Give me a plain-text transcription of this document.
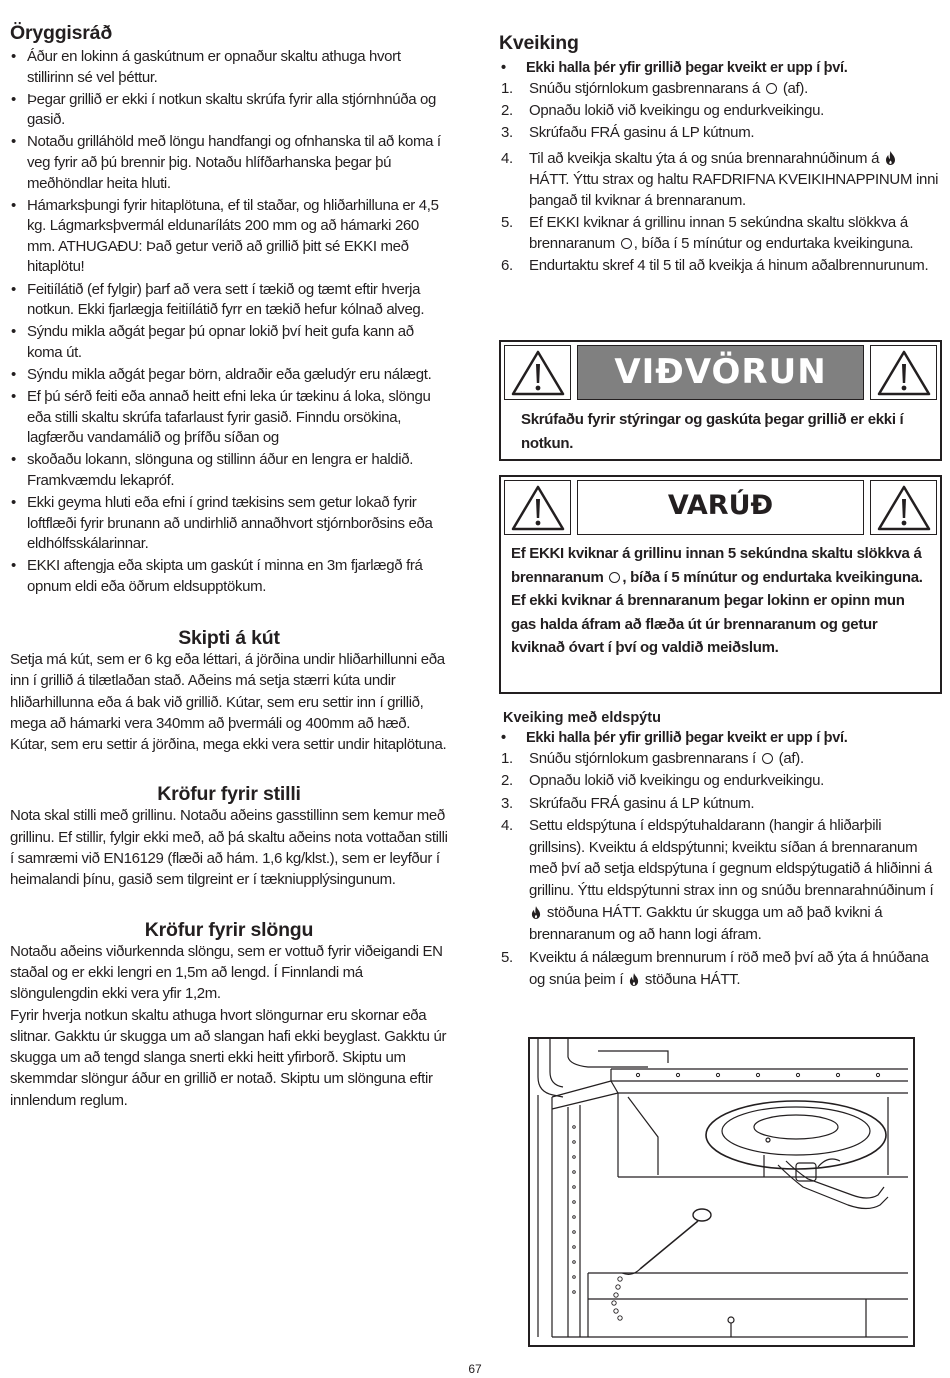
Öryggisráð
• Áður en lokinn á gaskútnum er opnaður skaltu athuga hvort stillirinn sé vel þéttur.
• Þegar grillið er ekki í notkun skaltu skrúfa fyrir alla stjórnhnúða og gasið.
• Notaðu grilláhöld með löngu handfangi og ofnhanska til að koma í veg fyrir að þú brennir þig. Notaðu hlífðarhanska þegar þú meðhöndlar heita hluti.
• Hámarksþungi fyrir hitaplötuna, ef til staðar, og hliðarhilluna er 4,5 kg. Lágmarksþvermál eldunaríláts 200 mm og að hámarki 260 mm. ATHUGAÐU: Það getur verið að grillið þitt sé EKKI með hitaplötu!
• Feitiílátið (ef fylgir) þarf að vera sett í tækið og tæmt eftir hverja notkun. Ekki fjarlægja feitiílátið fyrr en tækið hefur kólnað alveg.
• Sýndu mikla aðgát þegar þú opnar lokið því heit gufa kann að koma út.
• Sýndu mikla aðgát þegar börn, aldraðir eða gæludýr eru nálægt.
• Ef þú sérð feiti eða annað heitt efni leka úr tækinu á loka, slöngu eða stilli skaltu skrúfa tafarlaust fyrir gasið. Finndu orsökina, lagfærðu vandamálið og þrífðu síðan og
• skoðaðu lokann, slönguna og stillinn áður en lengra er haldið. Framkvæmdu lekapróf.
• Ekki geyma hluti eða efni í grind tækisins sem getur lokað fyrir loftflæði fyrir brunann að undirhlið annaðhvort stjórnborðsins eða eldhólfsskálarinnar.
• EKKI aftengja eða skipta um gaskút í minna en 3m fjarlægð frá opnum eldi eða öðrum eldsupptökum.
Skipti á kút

Setja má kút, sem er 6 kg eða léttari, á jörðina undir hliðarhillunni eða inn í grillið á tilætlaðan stað. Aðeins má setja stærri kúta undir hliðarhillunna eða á bak við grillið. Kútar, sem eru settir inn í grillið, mega að hámarki vera 340mm að þvermáli og 400mm að hæð. Kútar, sem eru settir á jörðina, mega ekki vera settir undir hitaplötuna.

Kröfur fyrir stilli

Nota skal stilli með grillinu. Notaðu aðeins gasstillinn sem kemur með grillinu. Ef stillir, fylgir ekki með, að þá skaltu aðeins nota vottaðan stilli í samræmi við EN16129 (flæði að hám. 1,6 kg/klst.), sem er leyfður í heimalandi þínu, gasið sem tilgreint er í tækniupplýsingunum.

Kröfur fyrir slöngu

Notaðu aðeins viðurkennda slöngu, sem er vottuð fyrir viðeigandi EN staðal og er ekki lengri en 1,5m að lengd. Í Finnlandi má slöngulengdin ekki vera yfir 1,2m.

Fyrir hverja notkun skaltu athuga hvort slöngurnar eru skornar eða slitnar. Gakktu úr skugga um að slangan hafi ekki beyglast. Gakktu úr skugga um að tengd slanga snerti ekki heitt yfirborð. Skiptu um skemmdar slöngur áður en grillið er notað. Skiptu um slönguna eftir innlendum reglum.

Kveiking
• Ekki halla þér yfir grillið þegar kveikt er upp í því.
1. Snúðu stjórnlokum gasbrennarans á  (af).
2. Opnaðu lokið við kveikingu og endurkveikingu.
3. Skrúfaðu FRÁ gasinu á LP kútnum.
4. Til að kveikja skaltu ýta á og snúa brennarahnúðinum á  HÁTT. Ýttu strax og haltu RAFDRIFNA KVEIKIHNAPPINUM inni þangað til kviknar á brennaranum.
5. Ef EKKI kviknar á grillinu innan 5 sekúndna skaltu slökkva á brennaranum , bíða í 5 mínútur og endurtaka kveikinguna.
6. Endurtaktu skref 4 til 5 til að kveikja á hinum aðalbrennurunum.
VIÐVÖRUN
Skrúfaðu fyrir stýringar og gaskúta þegar grillið er ekki í notkun.
VARÚÐ
Ef EKKI kviknar á grillinu innan 5 sekúndna skaltu slökkva á brennaranum , bíða í 5 mínútur og endurtaka kveikinguna. Ef ekki kviknar á brennaranum þegar lokinn er opinn mun gas halda áfram að flæða út úr brennaranum og getur kviknað óvart í því og valdið meiðslum.
Kveiking með eldspýtu
• Ekki halla þér yfir grillið þegar kveikt er upp í því.
1. Snúðu stjórnlokum gasbrennarans í  (af).
2. Opnaðu lokið við kveikingu og endurkveikingu.
3. Skrúfaðu FRÁ gasinu á LP kútnum.
4. Settu eldspýtuna í eldspýtuhaldarann (hangir á hliðarþili grillsins). Kveiktu á eldspýtunni; kveiktu síðan á brennaranum með því að setja eldspýtuna í gegnum eldspýtugatið á hliðinni á grillinu. Ýttu eldspýtunni strax inn og snúðu brennarahnúðinum í  stöðuna HÁTT. Gakktu úr skugga um að það kvikni á brennaranum og að hann logi áfram.
5. Kveiktu á nálægum brennurum í röð með því að ýta á hnúðana og snúa þeim í  stöðuna HÁTT.
67
